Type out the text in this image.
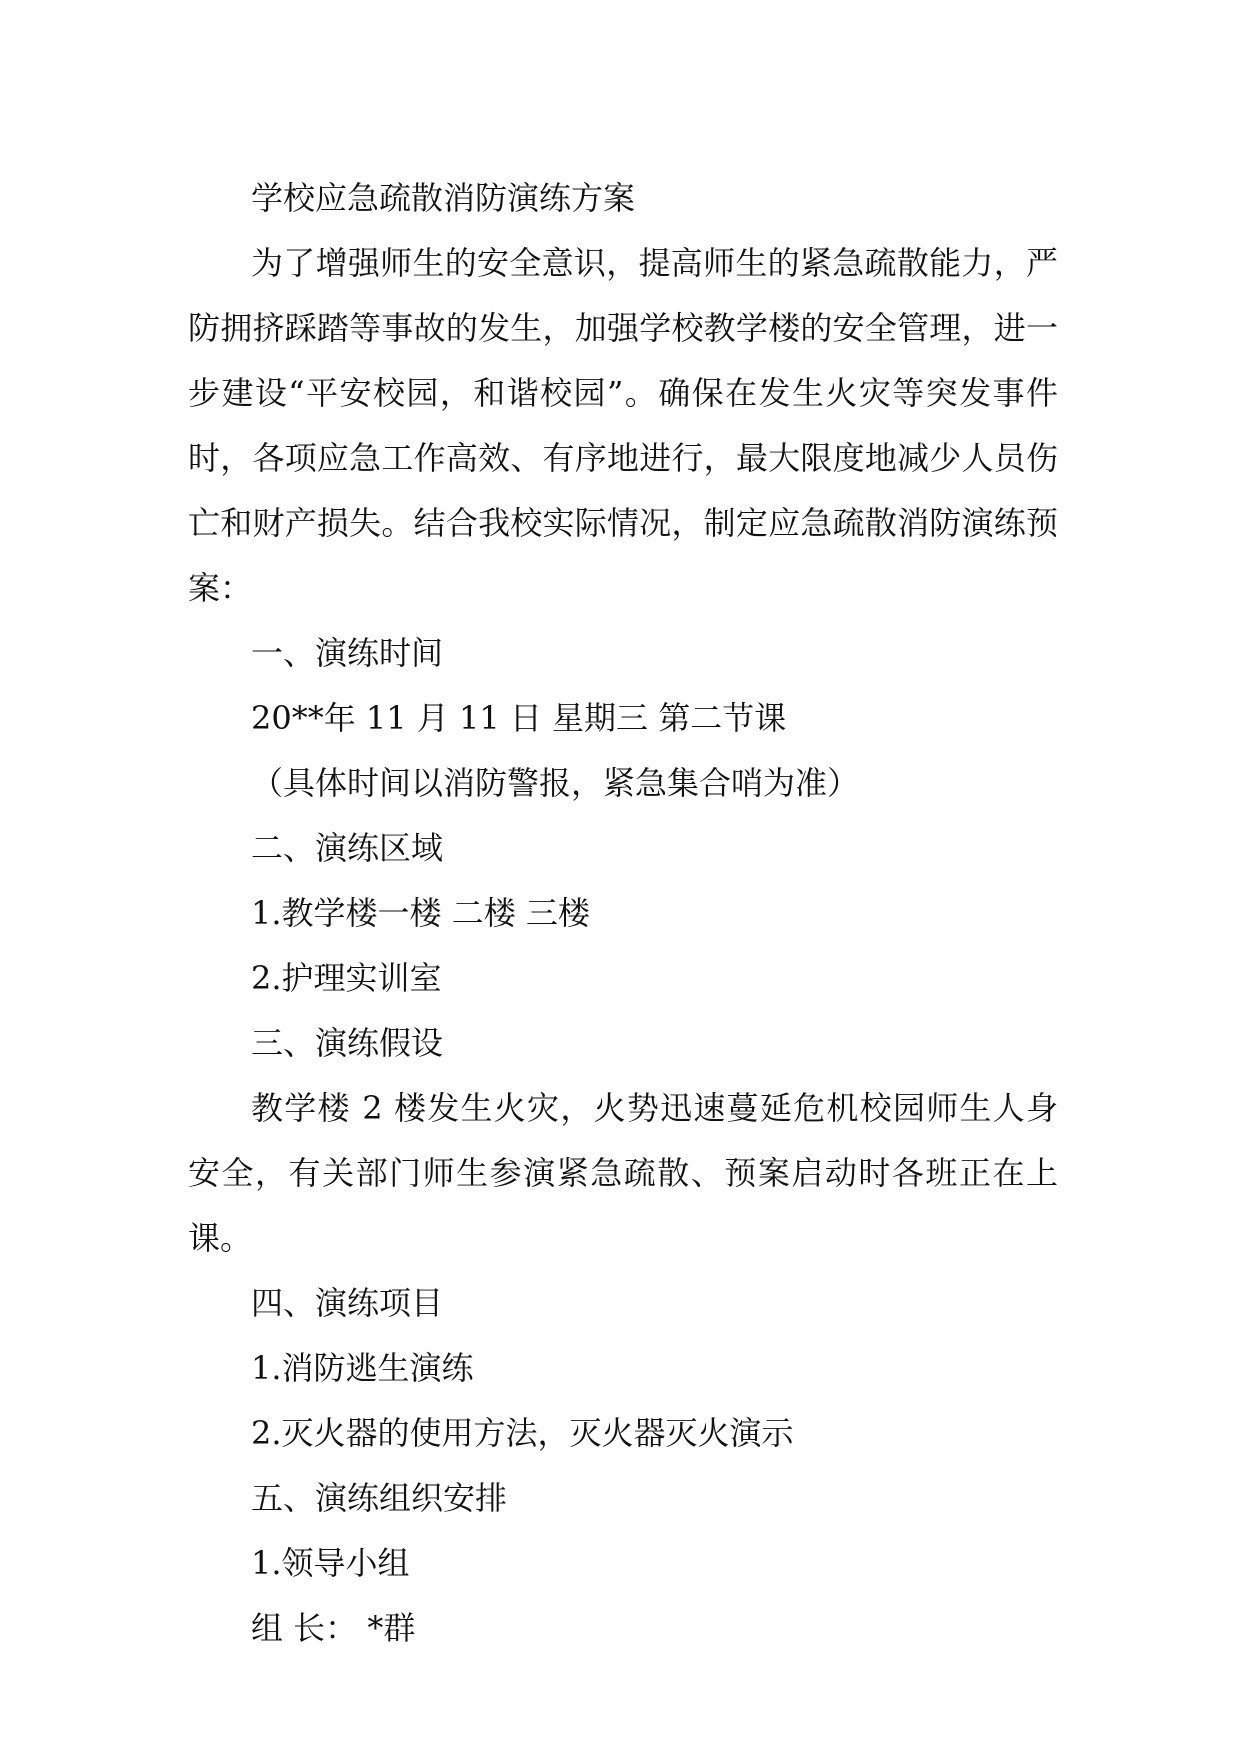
学校应急疏散消防演练方案

为了增强师生的安全意识，提高师生的紧急疏散能力，严防拥挤踩踏等事故的发生，加强学校教学楼的安全管理，进一步建设“平安校园，和谐校园”。确保在发生火灾等突发事件时，各项应急工作高效、有序地进行，最大限度地减少人员伤亡和财产损失。结合我校实际情况，制定应急疏散消防演练预案：

一、演练时间

20**年 11 月 11 日 星期三 第二节课

（具体时间以消防警报，紧急集合哨为准）

二、演练区域

1.教学楼一楼 二楼 三楼

2.护理实训室

三、演练假设

教学楼 2 楼发生火灾，火势迅速蔓延危机校园师生人身安全，有关部门师生参演紧急疏散、预案启动时各班正在上课。

四、演练项目

1.消防逃生演练

2.灭火器的使用方法，灭火器灭火演示

五、演练组织安排

1.领导小组

组 长： *群
